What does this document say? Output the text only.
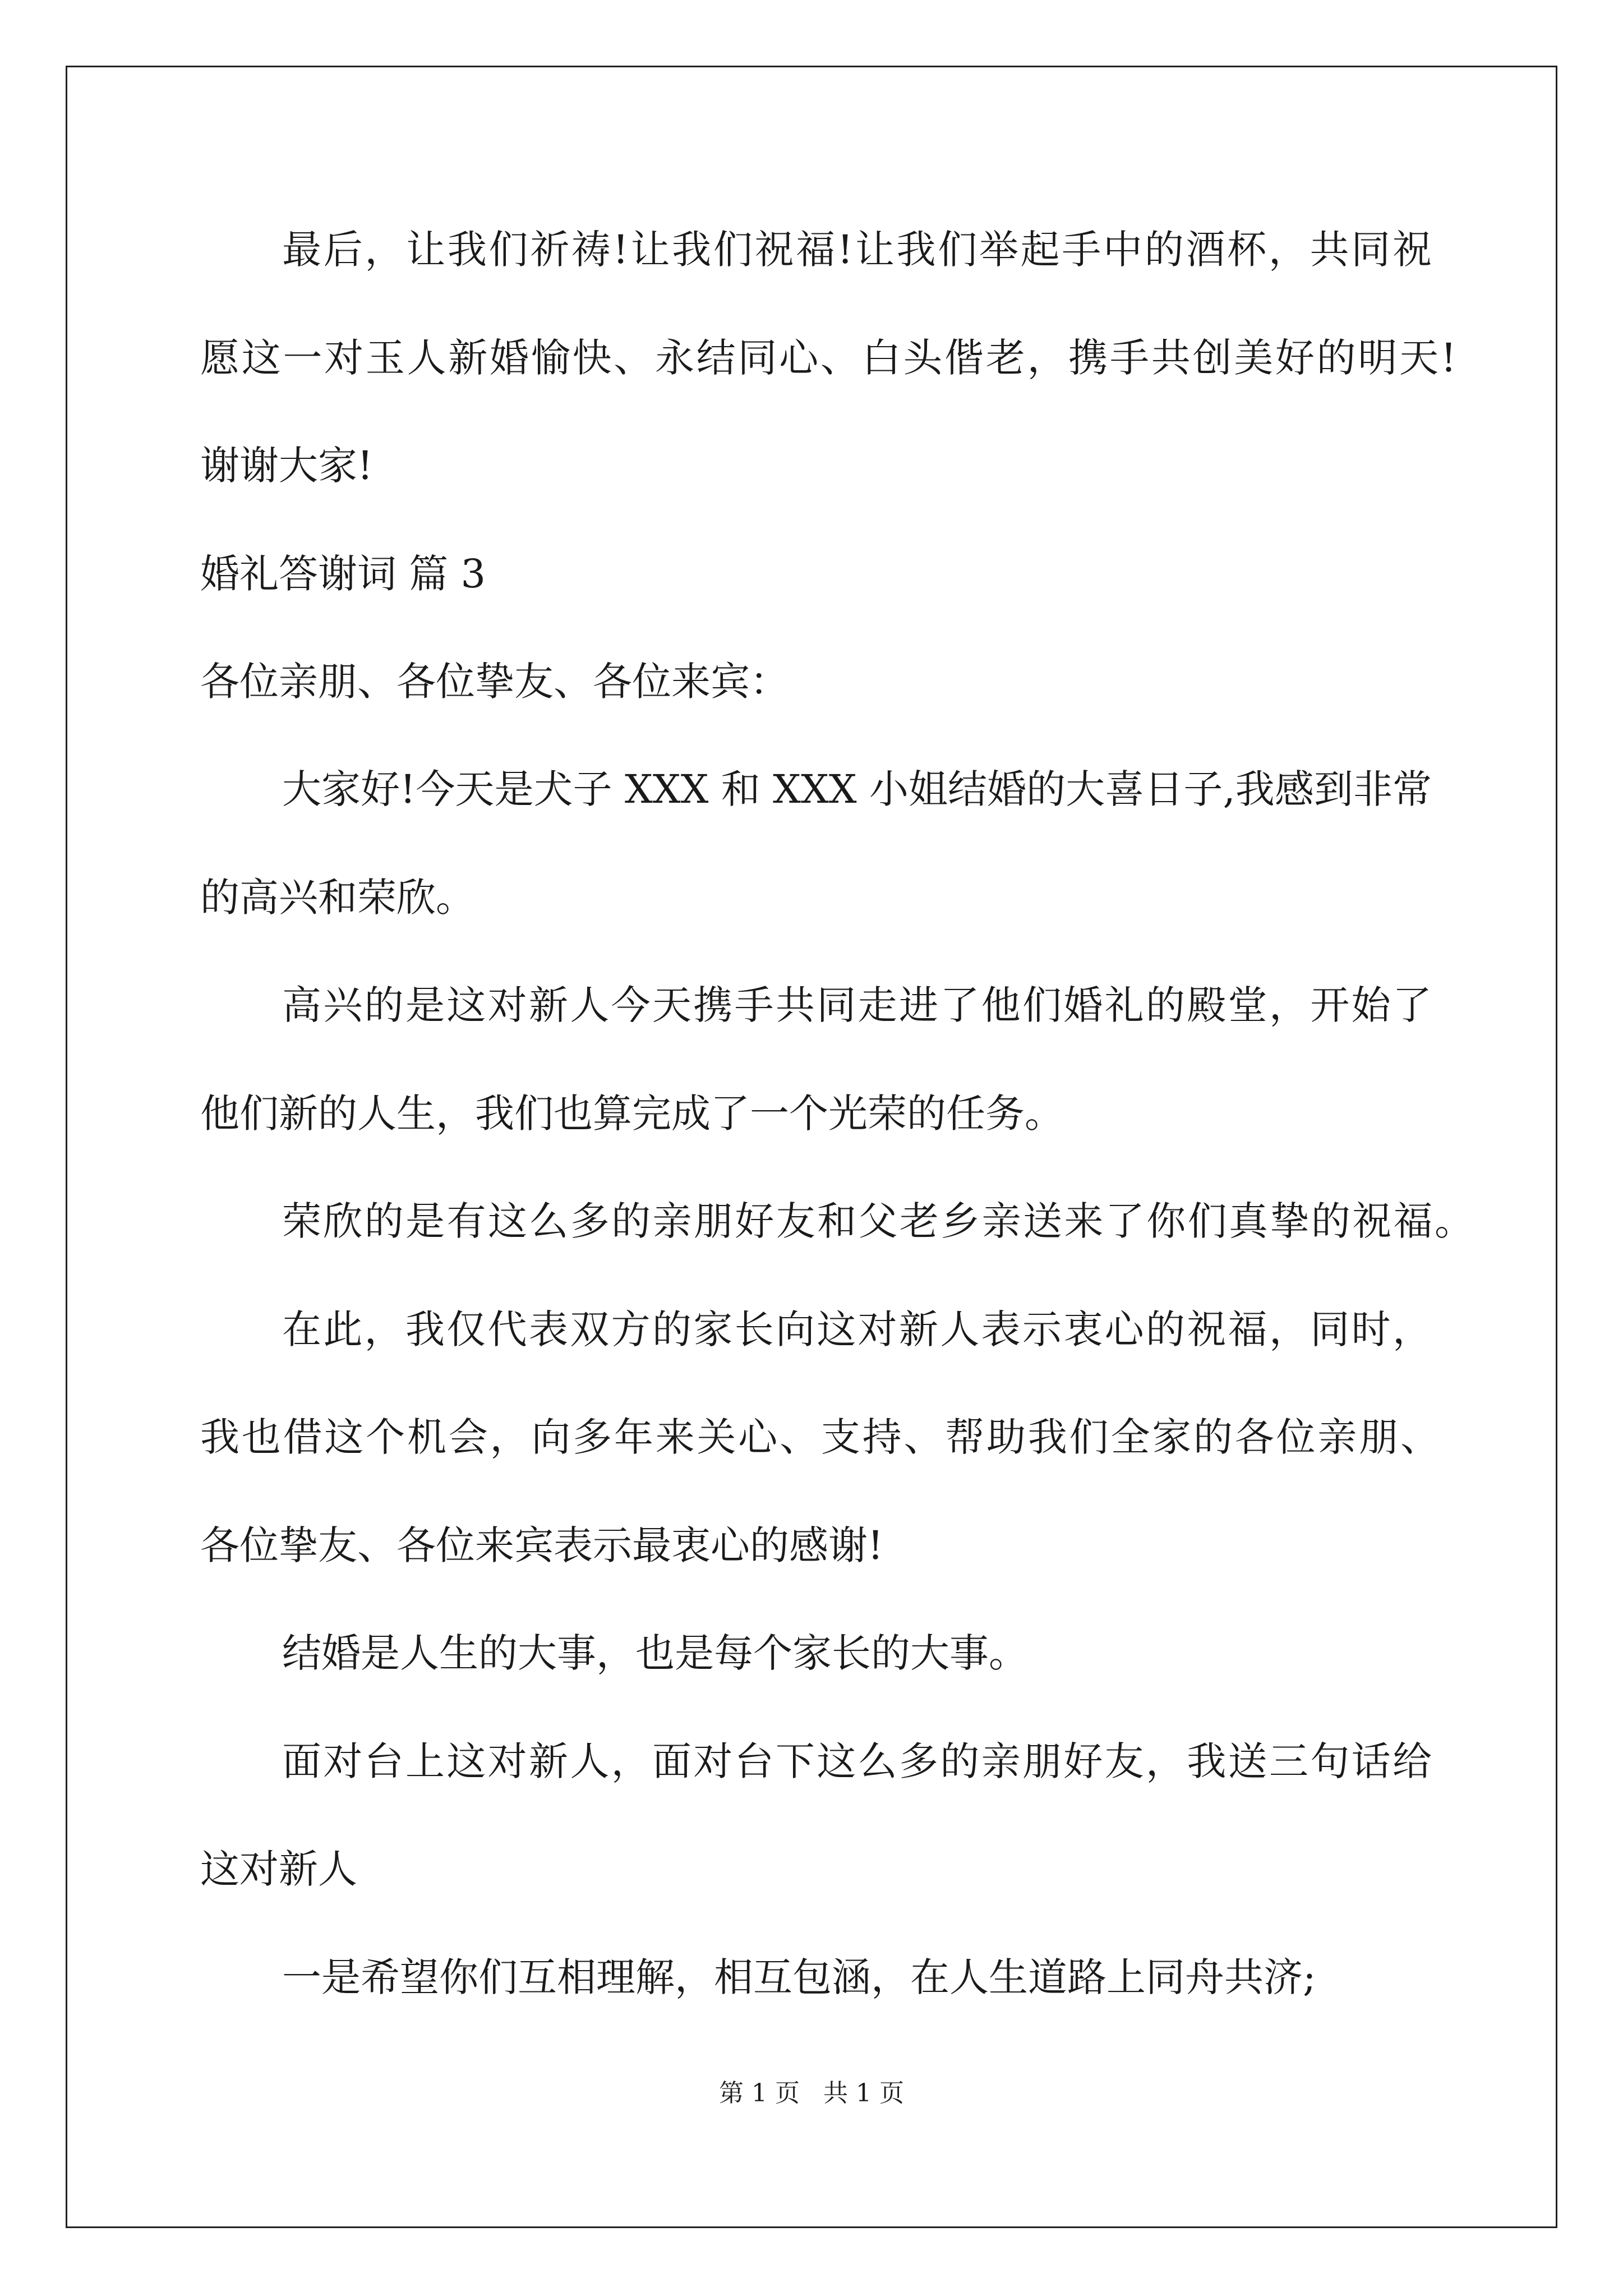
最后，让我们祈祷!让我们祝福!让我们举起手中的酒杯，共同祝
愿这一对玉人新婚愉快、永结同心、白头偕老，携手共创美好的明天!
谢谢大家!
婚礼答谢词 篇 3
各位亲朋、各位挚友、各位来宾：
大家好!今天是犬子 XXX 和 XXX 小姐结婚的大喜日子,我感到非常
的高兴和荣欣。
高兴的是这对新人今天携手共同走进了他们婚礼的殿堂，开始了
他们新的人生，我们也算完成了一个光荣的任务。
荣欣的是有这么多的亲朋好友和父老乡亲送来了你们真挚的祝福。
在此，我仅代表双方的家长向这对新人表示衷心的祝福，同时，
我也借这个机会，向多年来关心、支持、帮助我们全家的各位亲朋、
各位挚友、各位来宾表示最衷心的感谢!
结婚是人生的大事，也是每个家长的大事。
面对台上这对新人，面对台下这么多的亲朋好友，我送三句话给
这对新人
一是希望你们互相理解，相互包涵，在人生道路上同舟共济;
第 1 页 共 1 页
